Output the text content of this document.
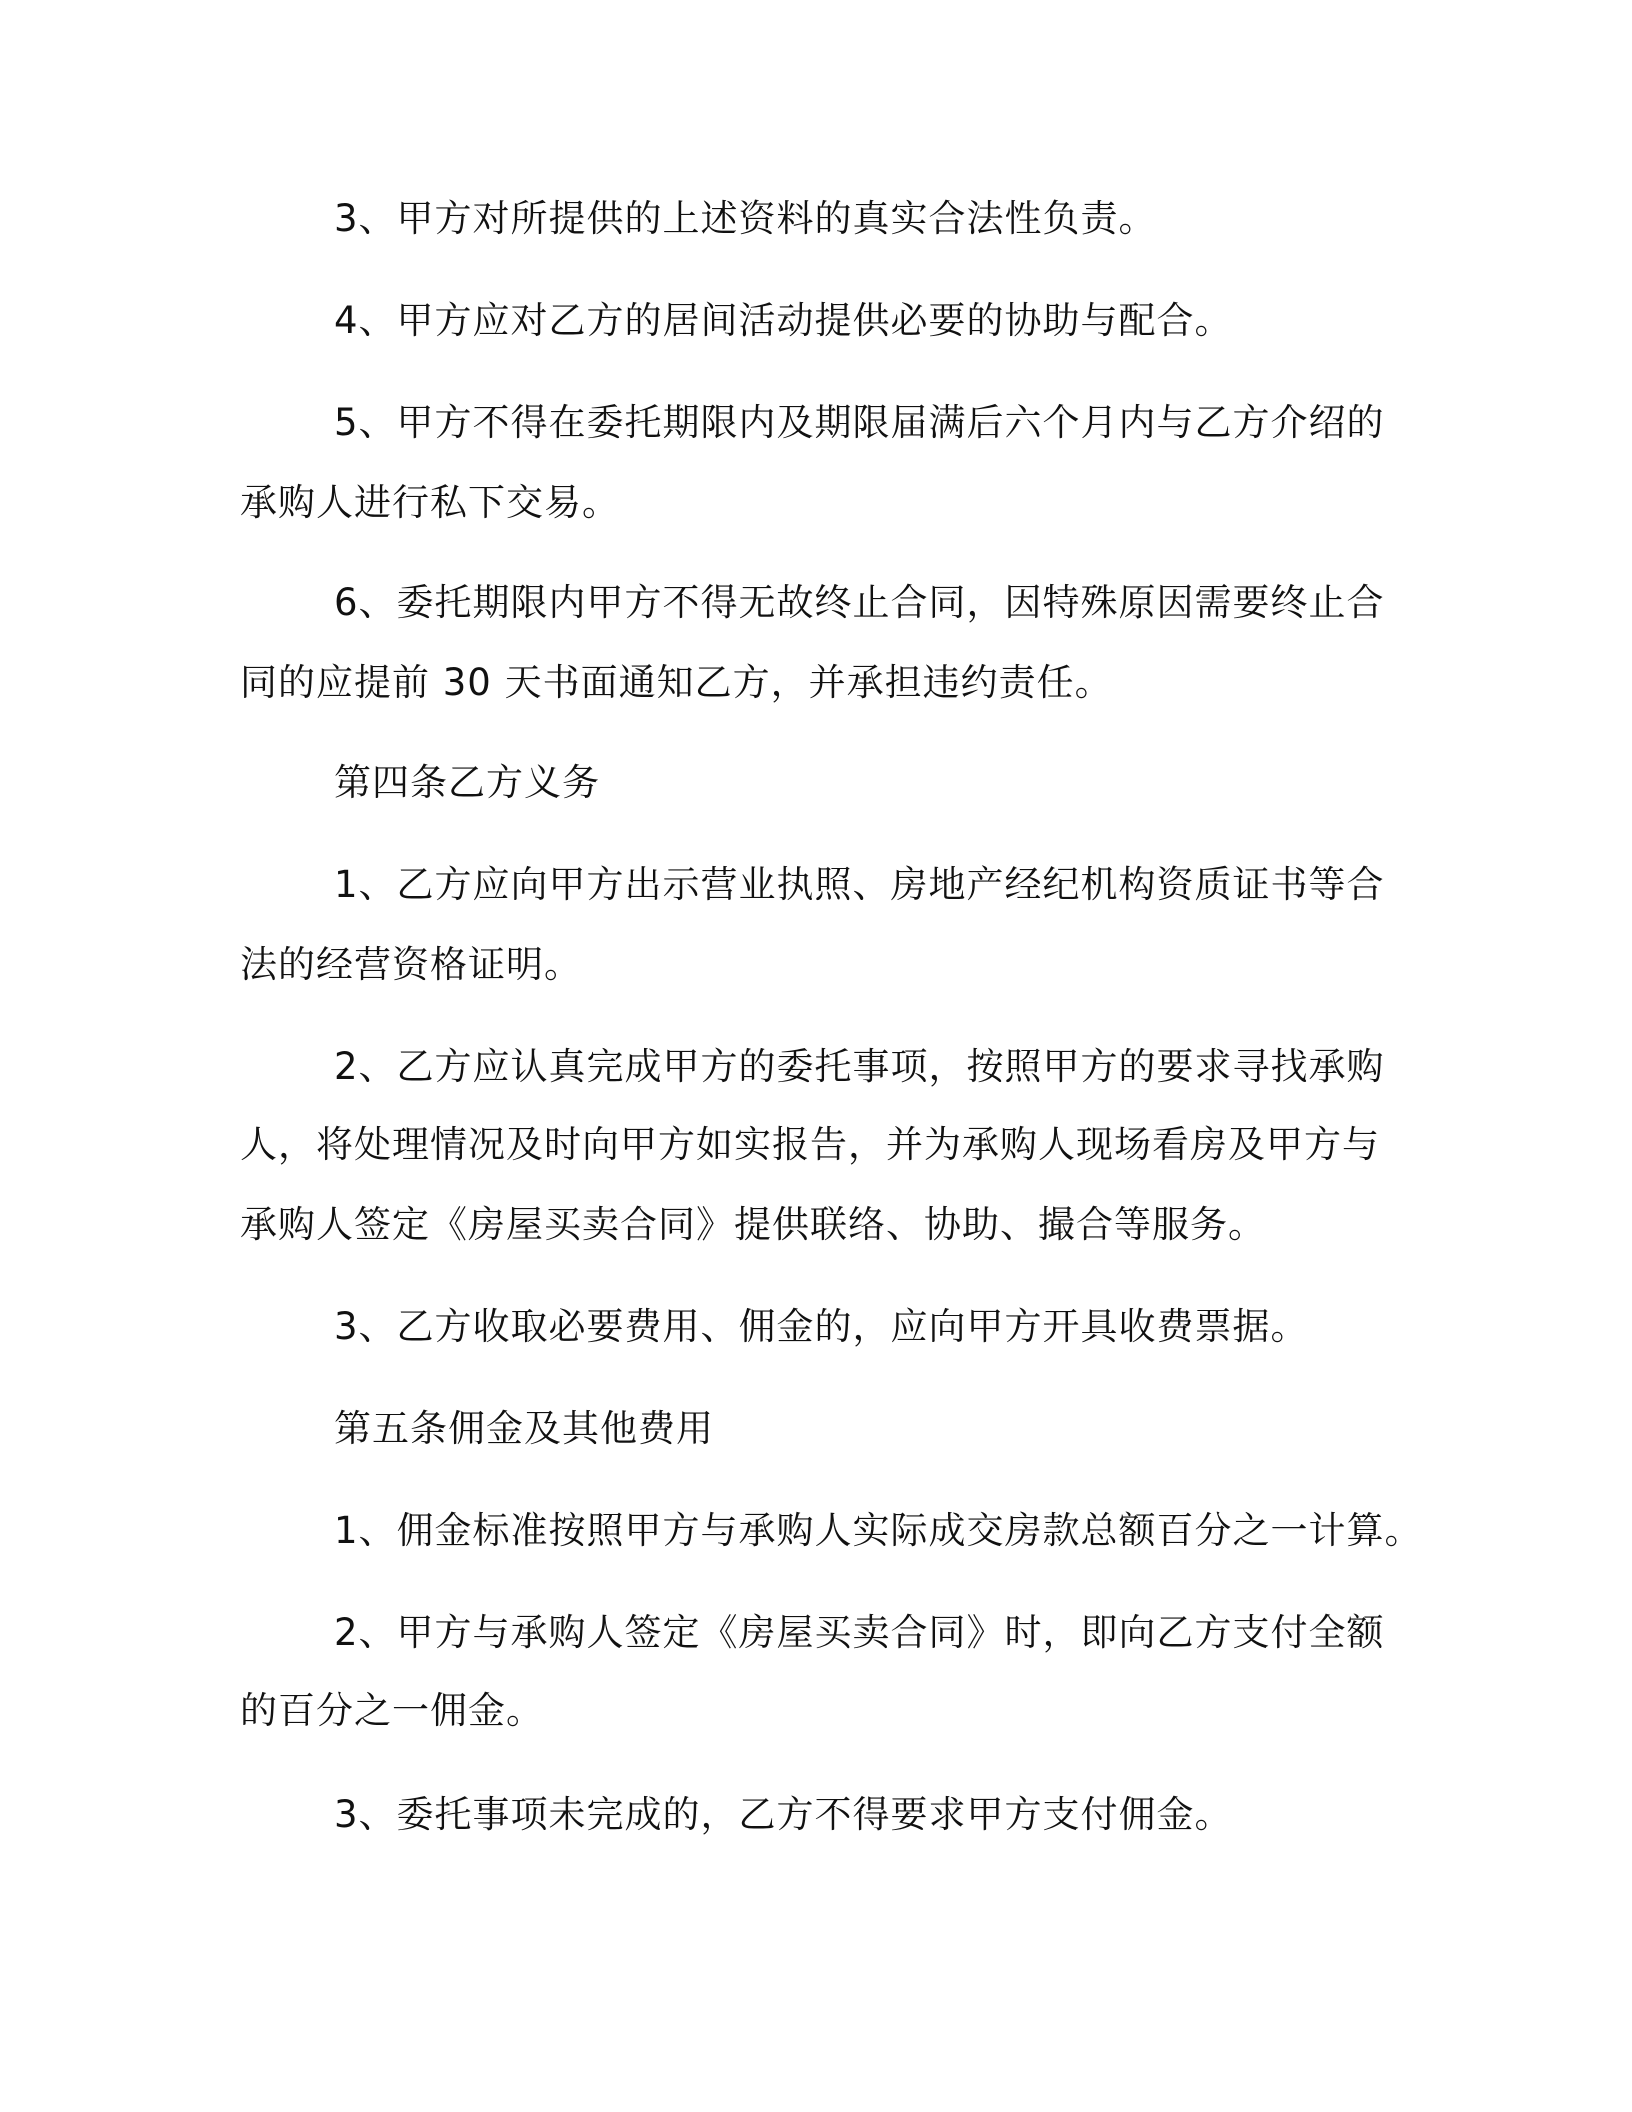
3、甲方对所提供的上述资料的真实合法性负责。
4、甲方应对乙方的居间活动提供必要的协助与配合。
5、甲方不得在委托期限内及期限届满后六个月内与乙方介绍的
承购人进行私下交易。
6、委托期限内甲方不得无故终止合同，因特殊原因需要终止合
同的应提前 30 天书面通知乙方，并承担违约责任。
第四条乙方义务
1、乙方应向甲方出示营业执照、房地产经纪机构资质证书等合
法的经营资格证明。
2、乙方应认真完成甲方的委托事项，按照甲方的要求寻找承购
人，将处理情况及时向甲方如实报告，并为承购人现场看房及甲方与
承购人签定《房屋买卖合同》提供联络、协助、撮合等服务。
3、乙方收取必要费用、佣金的，应向甲方开具收费票据。
第五条佣金及其他费用
1、佣金标准按照甲方与承购人实际成交房款总额百分之一计算。
2、甲方与承购人签定《房屋买卖合同》时，即向乙方支付全额
的百分之一佣金。
3、委托事项未完成的，乙方不得要求甲方支付佣金。
